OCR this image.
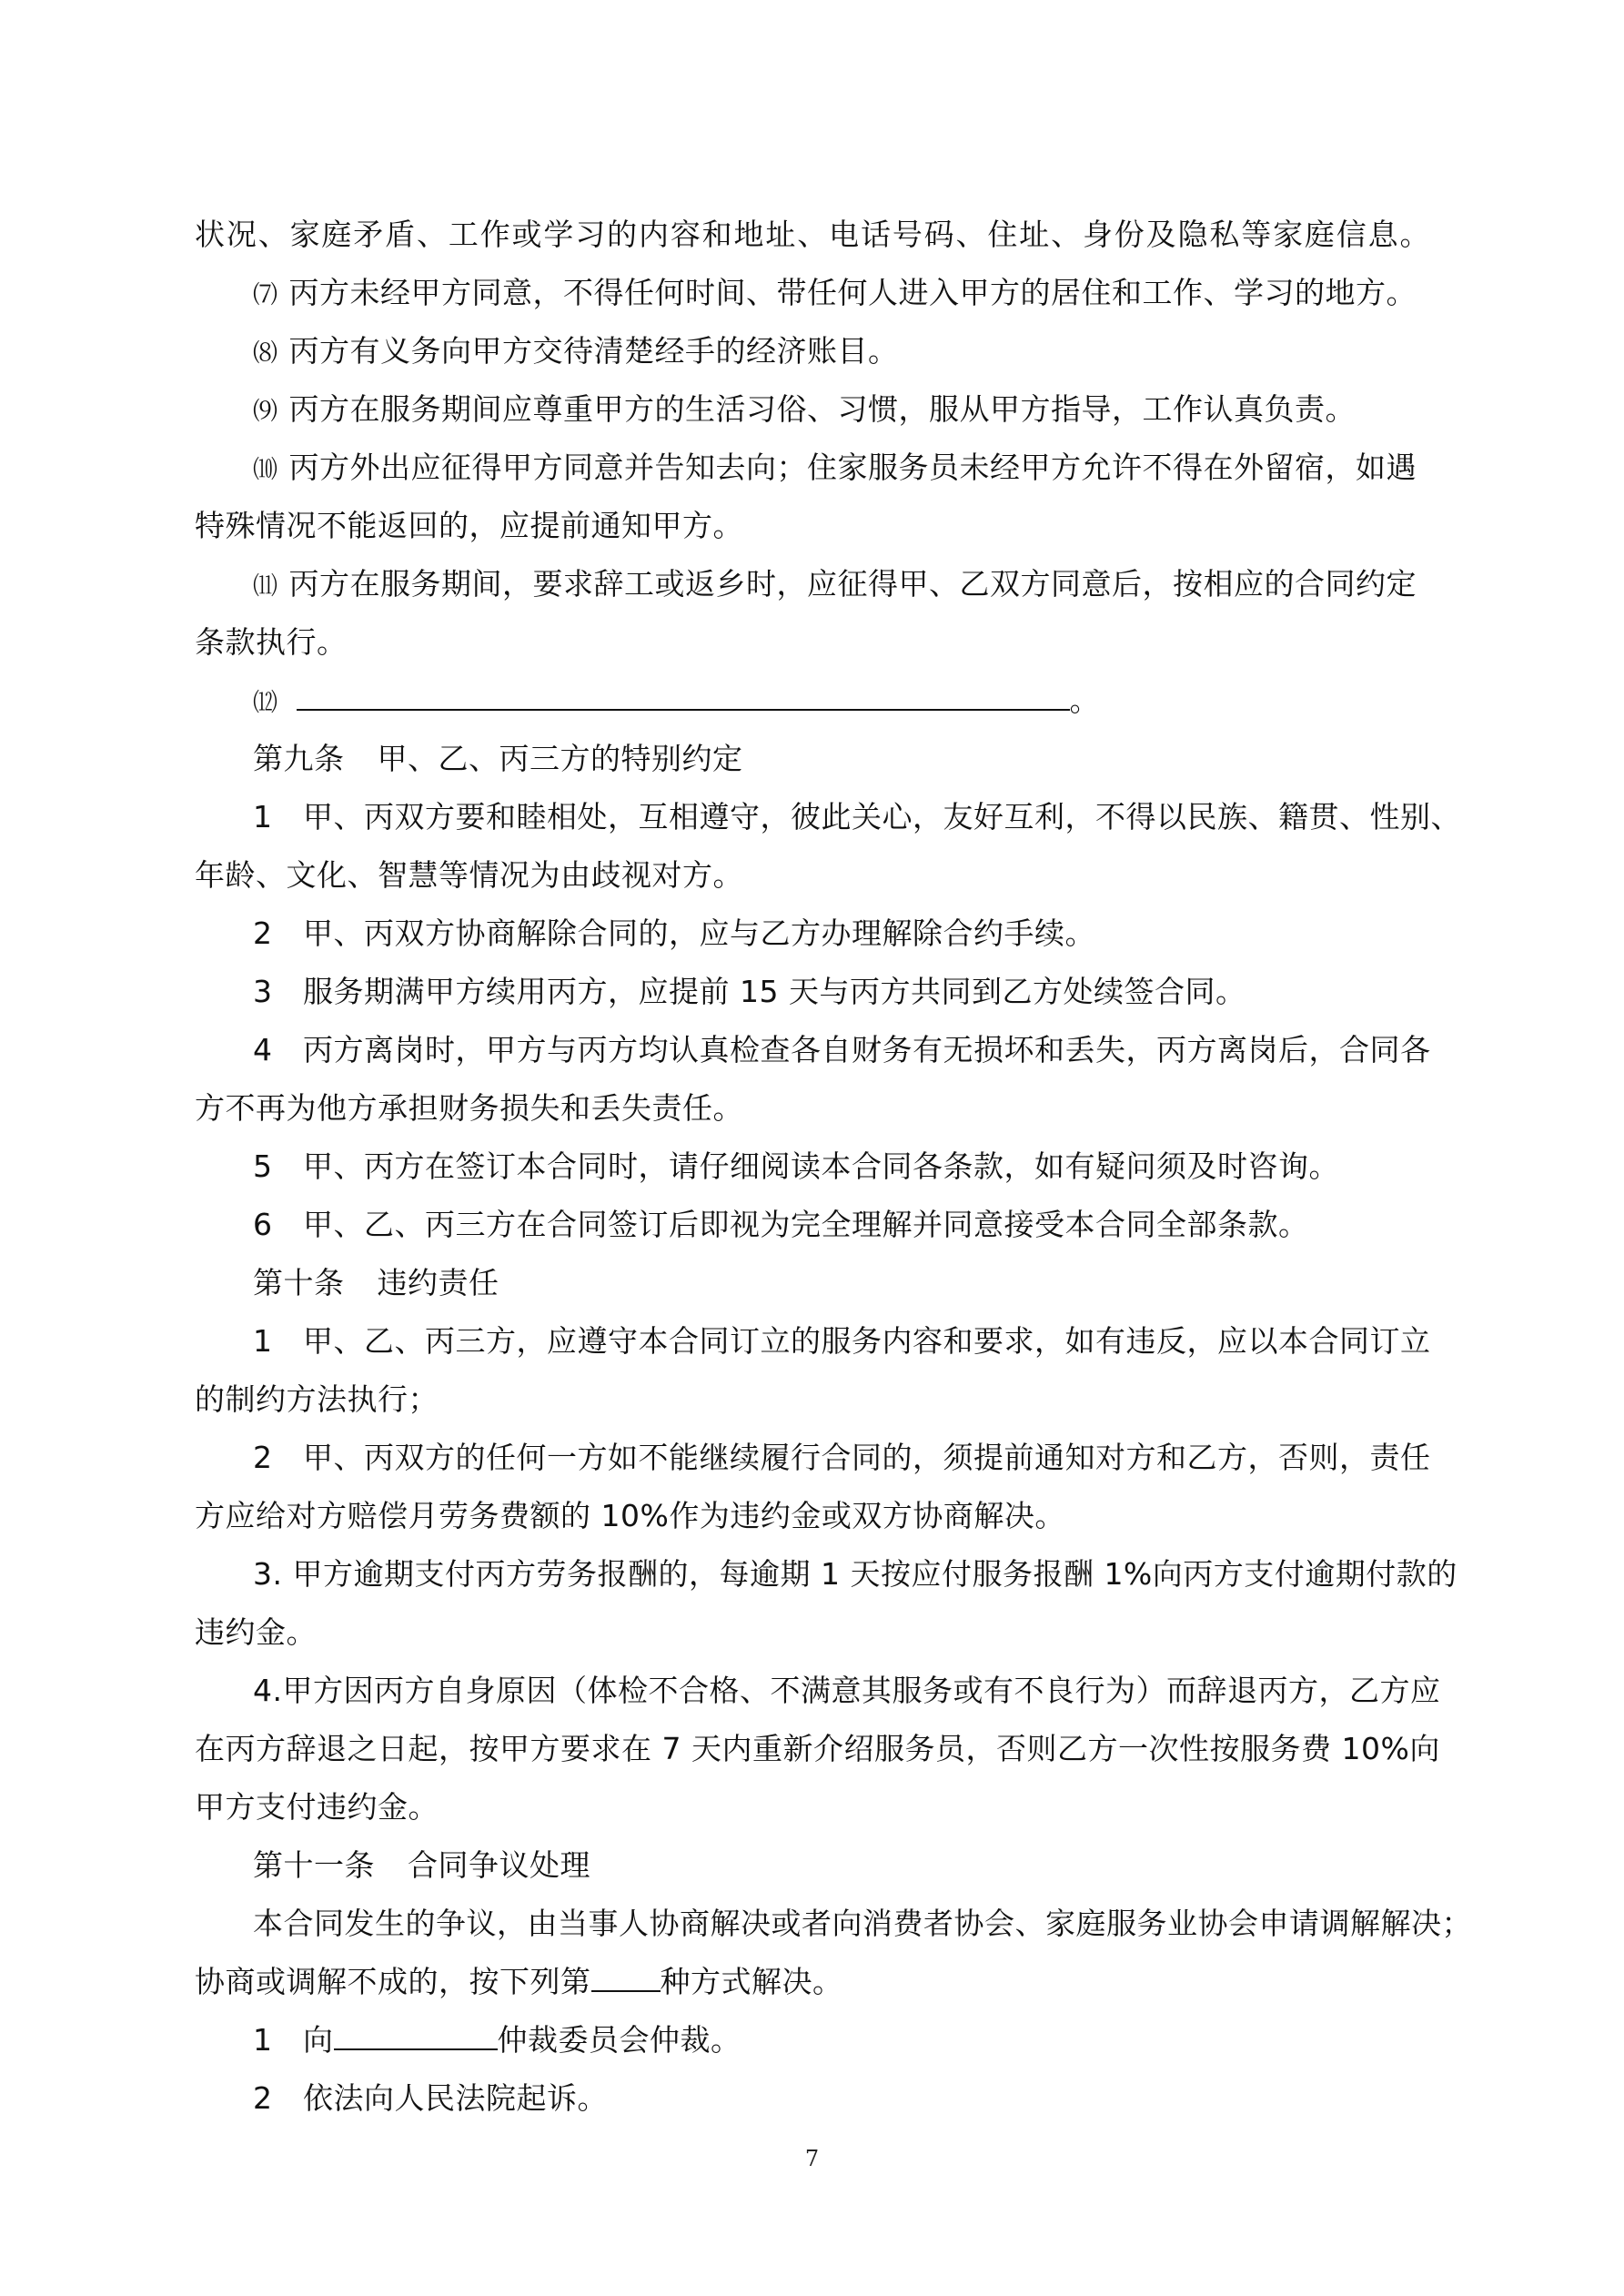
状况、家庭矛盾、工作或学习的内容和地址、电话号码、住址、身份及隐私等家庭信息。
⑺ 丙方未经甲方同意，不得任何时间、带任何人进入甲方的居住和工作、学习的地方。
⑻ 丙方有义务向甲方交待清楚经手的经济账目。
⑼ 丙方在服务期间应尊重甲方的生活习俗、习惯，服从甲方指导，工作认真负责。
⑽ 丙方外出应征得甲方同意并告知去向；住家服务员未经甲方允许不得在外留宿，如遇
特殊情况不能返回的，应提前通知甲方。
⑾ 丙方在服务期间，要求辞工或返乡时，应征得甲、乙双方同意后，按相应的合同约定
条款执行。
⑿	。
第九条 甲、乙、丙三方的特别约定
1　甲、丙双方要和睦相处，互相遵守，彼此关心，友好互利，不得以民族、籍贯、性别、
年龄、文化、智慧等情况为由歧视对方。
2　甲、丙双方协商解除合同的，应与乙方办理解除合约手续。
3　服务期满甲方续用丙方，应提前 15 天与丙方共同到乙方处续签合同。
4　丙方离岗时，甲方与丙方均认真检查各自财务有无损坏和丢失，丙方离岗后，合同各
方不再为他方承担财务损失和丢失责任。
5　甲、丙方在签订本合同时，请仔细阅读本合同各条款，如有疑问须及时咨询。
6　甲、乙、丙三方在合同签订后即视为完全理解并同意接受本合同全部条款。
第十条 违约责任
1　甲、乙、丙三方，应遵守本合同订立的服务内容和要求，如有违反，应以本合同订立
的制约方法执行；
2　甲、丙双方的任何一方如不能继续履行合同的，须提前通知对方和乙方，否则，责任
方应给对方赔偿月劳务费额的 10%作为违约金或双方协商解决。
3. 甲方逾期支付丙方劳务报酬的，每逾期 1 天按应付服务报酬 1%向丙方支付逾期付款的
违约金。
4.甲方因丙方自身原因（体检不合格、不满意其服务或有不良行为）而辞退丙方，乙方应
在丙方辞退之日起，按甲方要求在 7 天内重新介绍服务员，否则乙方一次性按服务费 10%向
甲方支付违约金。
第十一条 合同争议处理
本合同发生的争议，由当事人协商解决或者向消费者协会、家庭服务业协会申请调解解决；
协商或调解不成的，按下列第 种方式解决。
1　向	仲裁委员会仲裁。
2　依法向人民法院起诉。
7
